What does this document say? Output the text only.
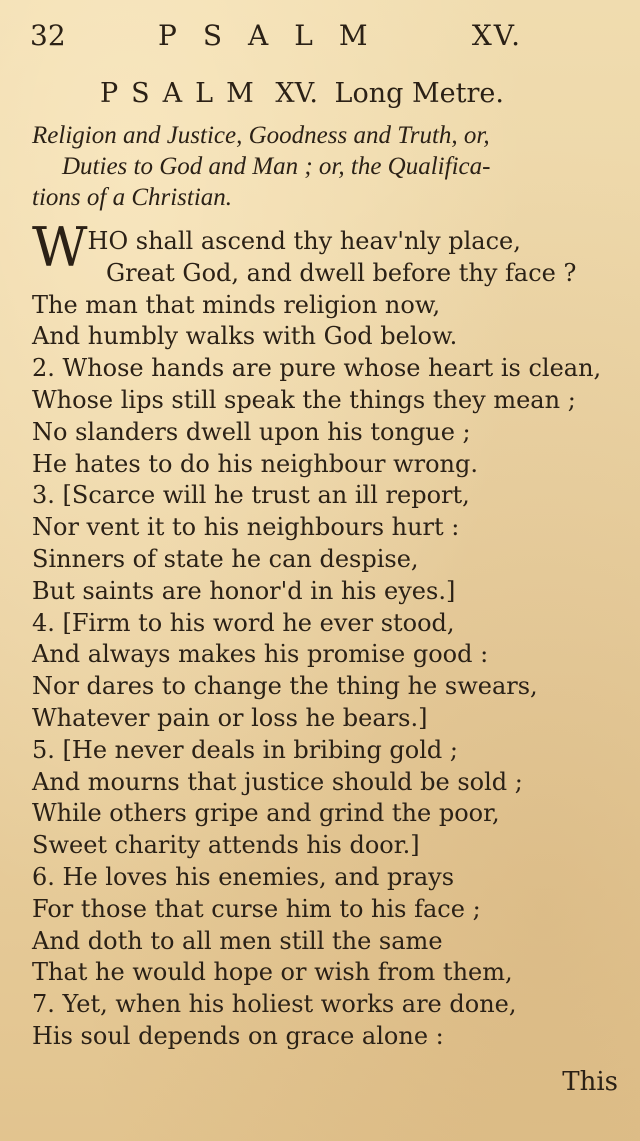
32	PSALM	XV.
PSALM XV. Long Metre.
Religion and Justice, Goodness and Truth, or,
Duties to God and Man ; or, the Qualifica-
tions of a Christian.
WHO shall ascend thy heav'nly place,
Great God, and dwell before thy face ?
The man that minds religion now,
And humbly walks with God below.
2. Whose hands are pure whose heart is clean,
Whose lips still speak the things they mean ;
No slanders dwell upon his tongue ;
He hates to do his neighbour wrong.
3. [Scarce will he trust an ill report,
Nor vent it to his neighbours hurt :
Sinners of state he can despise,
But saints are honor'd in his eyes.]
4. [Firm to his word he ever stood,
And always makes his promise good :
Nor dares to change the thing he swears,
Whatever pain or loss he bears.]
5. [He never deals in bribing gold ;
And mourns that justice should be sold ;
While others gripe and grind the poor,
Sweet charity attends his door.]
6. He loves his enemies, and prays
For those that curse him to his face ;
And doth to all men still the same
That he would hope or wish from them,
7. Yet, when his holiest works are done,
His soul depends on grace alone :
This
